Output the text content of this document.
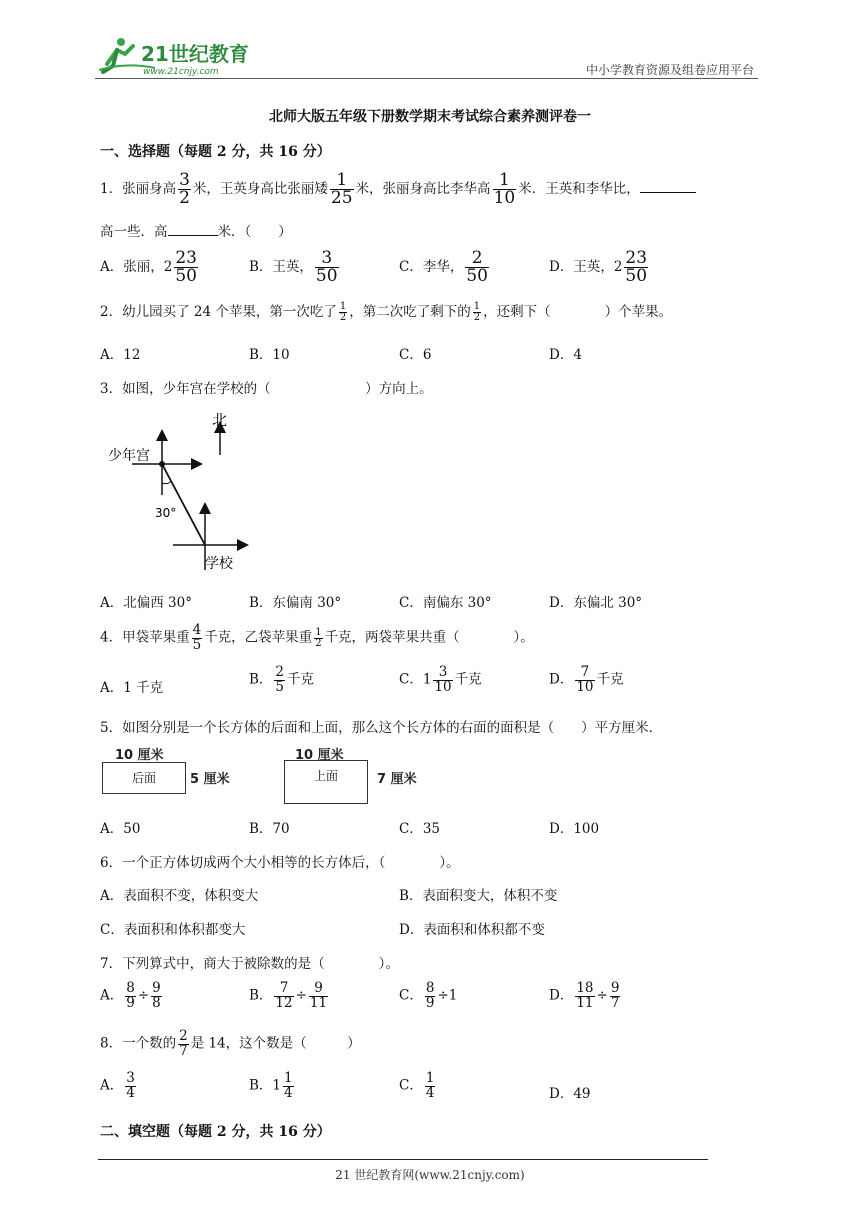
21世纪教育
www.21cnjy.com	中小学教育资源及组卷应用平台
北师大版五年级下册数学期末考试综合素养测评卷一
一、选择题（每题 2 分，共 16 分）
1．张丽身高 $\frac{3}{2}$ 米，王英身高比张丽矮 $\frac{1}{25}$ 米，张丽身高比李华高 $\frac{1}{10}$ 米．王英和李华比，
高一些．高	米．（　　）
A．张丽，$2 \frac{23}{50}$	B．王英， $\frac{3}{50}$	C．李华， $\frac{2}{50}$	D．王英，$2 \frac{23}{50}$
2．幼儿园买了 24 个苹果，第一次吃了 $\frac{1}{2}$ ，第二次吃了剩下的 $\frac{1}{2}$ ，还剩下（　　　　）个苹果。
A．12	B．10	C．6	D．4
3．如图，少年宫在学校的（　　　　　　　）方向上。
北
少年宫
30°
学校
A．北偏西 30°	B．东偏南 30°	C．南偏东 30°	D．东偏北 30°
4．甲袋苹果重 $\frac{4}{5}$ 千克，乙袋苹果重 $\frac{1}{2}$ 千克，两袋苹果共重（　　　　）。
A．1 千克
B． $\frac{2}{5}$ 千克	C．$1 \frac{3}{10}$ 千克	D． $\frac{7}{10}$ 千克
5．如图分别是一个长方体的后面和上面，那么这个长方体的右面的面积是（　　）平方厘米．
10 厘米
后面	5 厘米
10 厘米
上面	7 厘米
A．50	B．70	C．35	D．100
6．一个正方体切成两个大小相等的长方体后，（　　　　）。
A．表面积不变，体积变大	B．表面积变大，体积不变
C．表面积和体积都变大	D．表面积和体积都不变
7．下列算式中，商大于被除数的是（　　　　）。
A． $\frac{8}{9} \div \frac{9}{8}$	B． $\frac{7}{12} \div \frac{9}{11}$	C． $\frac{8}{9} \div 1$	D． $\frac{18}{11} \div \frac{9}{7}$
8．一个数的 $\frac{2}{7}$ 是 14，这个数是（　　　）
A． $\frac{3}{4}$	B．$1 \frac{1}{4}$	C． $\frac{1}{4}$	D．49
二、填空题（每题 2 分，共 16 分）
21 世纪教育网(www.21cnjy.com)
